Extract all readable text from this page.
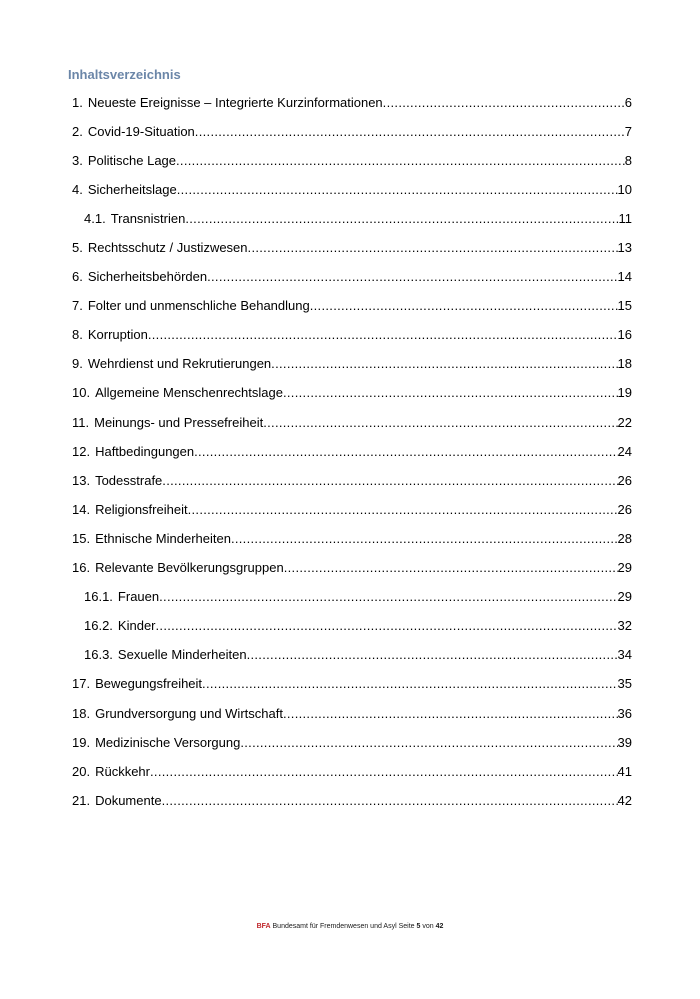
Inhaltsverzeichnis
1. Neueste Ereignisse – Integrierte Kurzinformationen .....	6
2. Covid-19-Situation .....	7
3. Politische Lage .....	8
4. Sicherheitslage .....	10
4.1. Transnistrien .....	11
5. Rechtsschutz / Justizwesen .....	13
6. Sicherheitsbehörden .....	14
7. Folter und unmenschliche Behandlung .....	15
8. Korruption .....	16
9. Wehrdienst und Rekrutierungen .....	18
10. Allgemeine Menschenrechtslage .....	19
11. Meinungs- und Pressefreiheit .....	22
12. Haftbedingungen .....	24
13. Todesstrafe .....	26
14. Religionsfreiheit .....	26
15. Ethnische Minderheiten .....	28
16. Relevante Bevölkerungsgruppen .....	29
16.1. Frauen .....	29
16.2. Kinder .....	32
16.3. Sexuelle Minderheiten .....	34
17. Bewegungsfreiheit .....	35
18. Grundversorgung und Wirtschaft .....	36
19. Medizinische Versorgung .....	39
20. Rückkehr .....	41
21. Dokumente .....	42
BFA Bundesamt für Fremdenwesen und Asyl Seite 5 von 42
